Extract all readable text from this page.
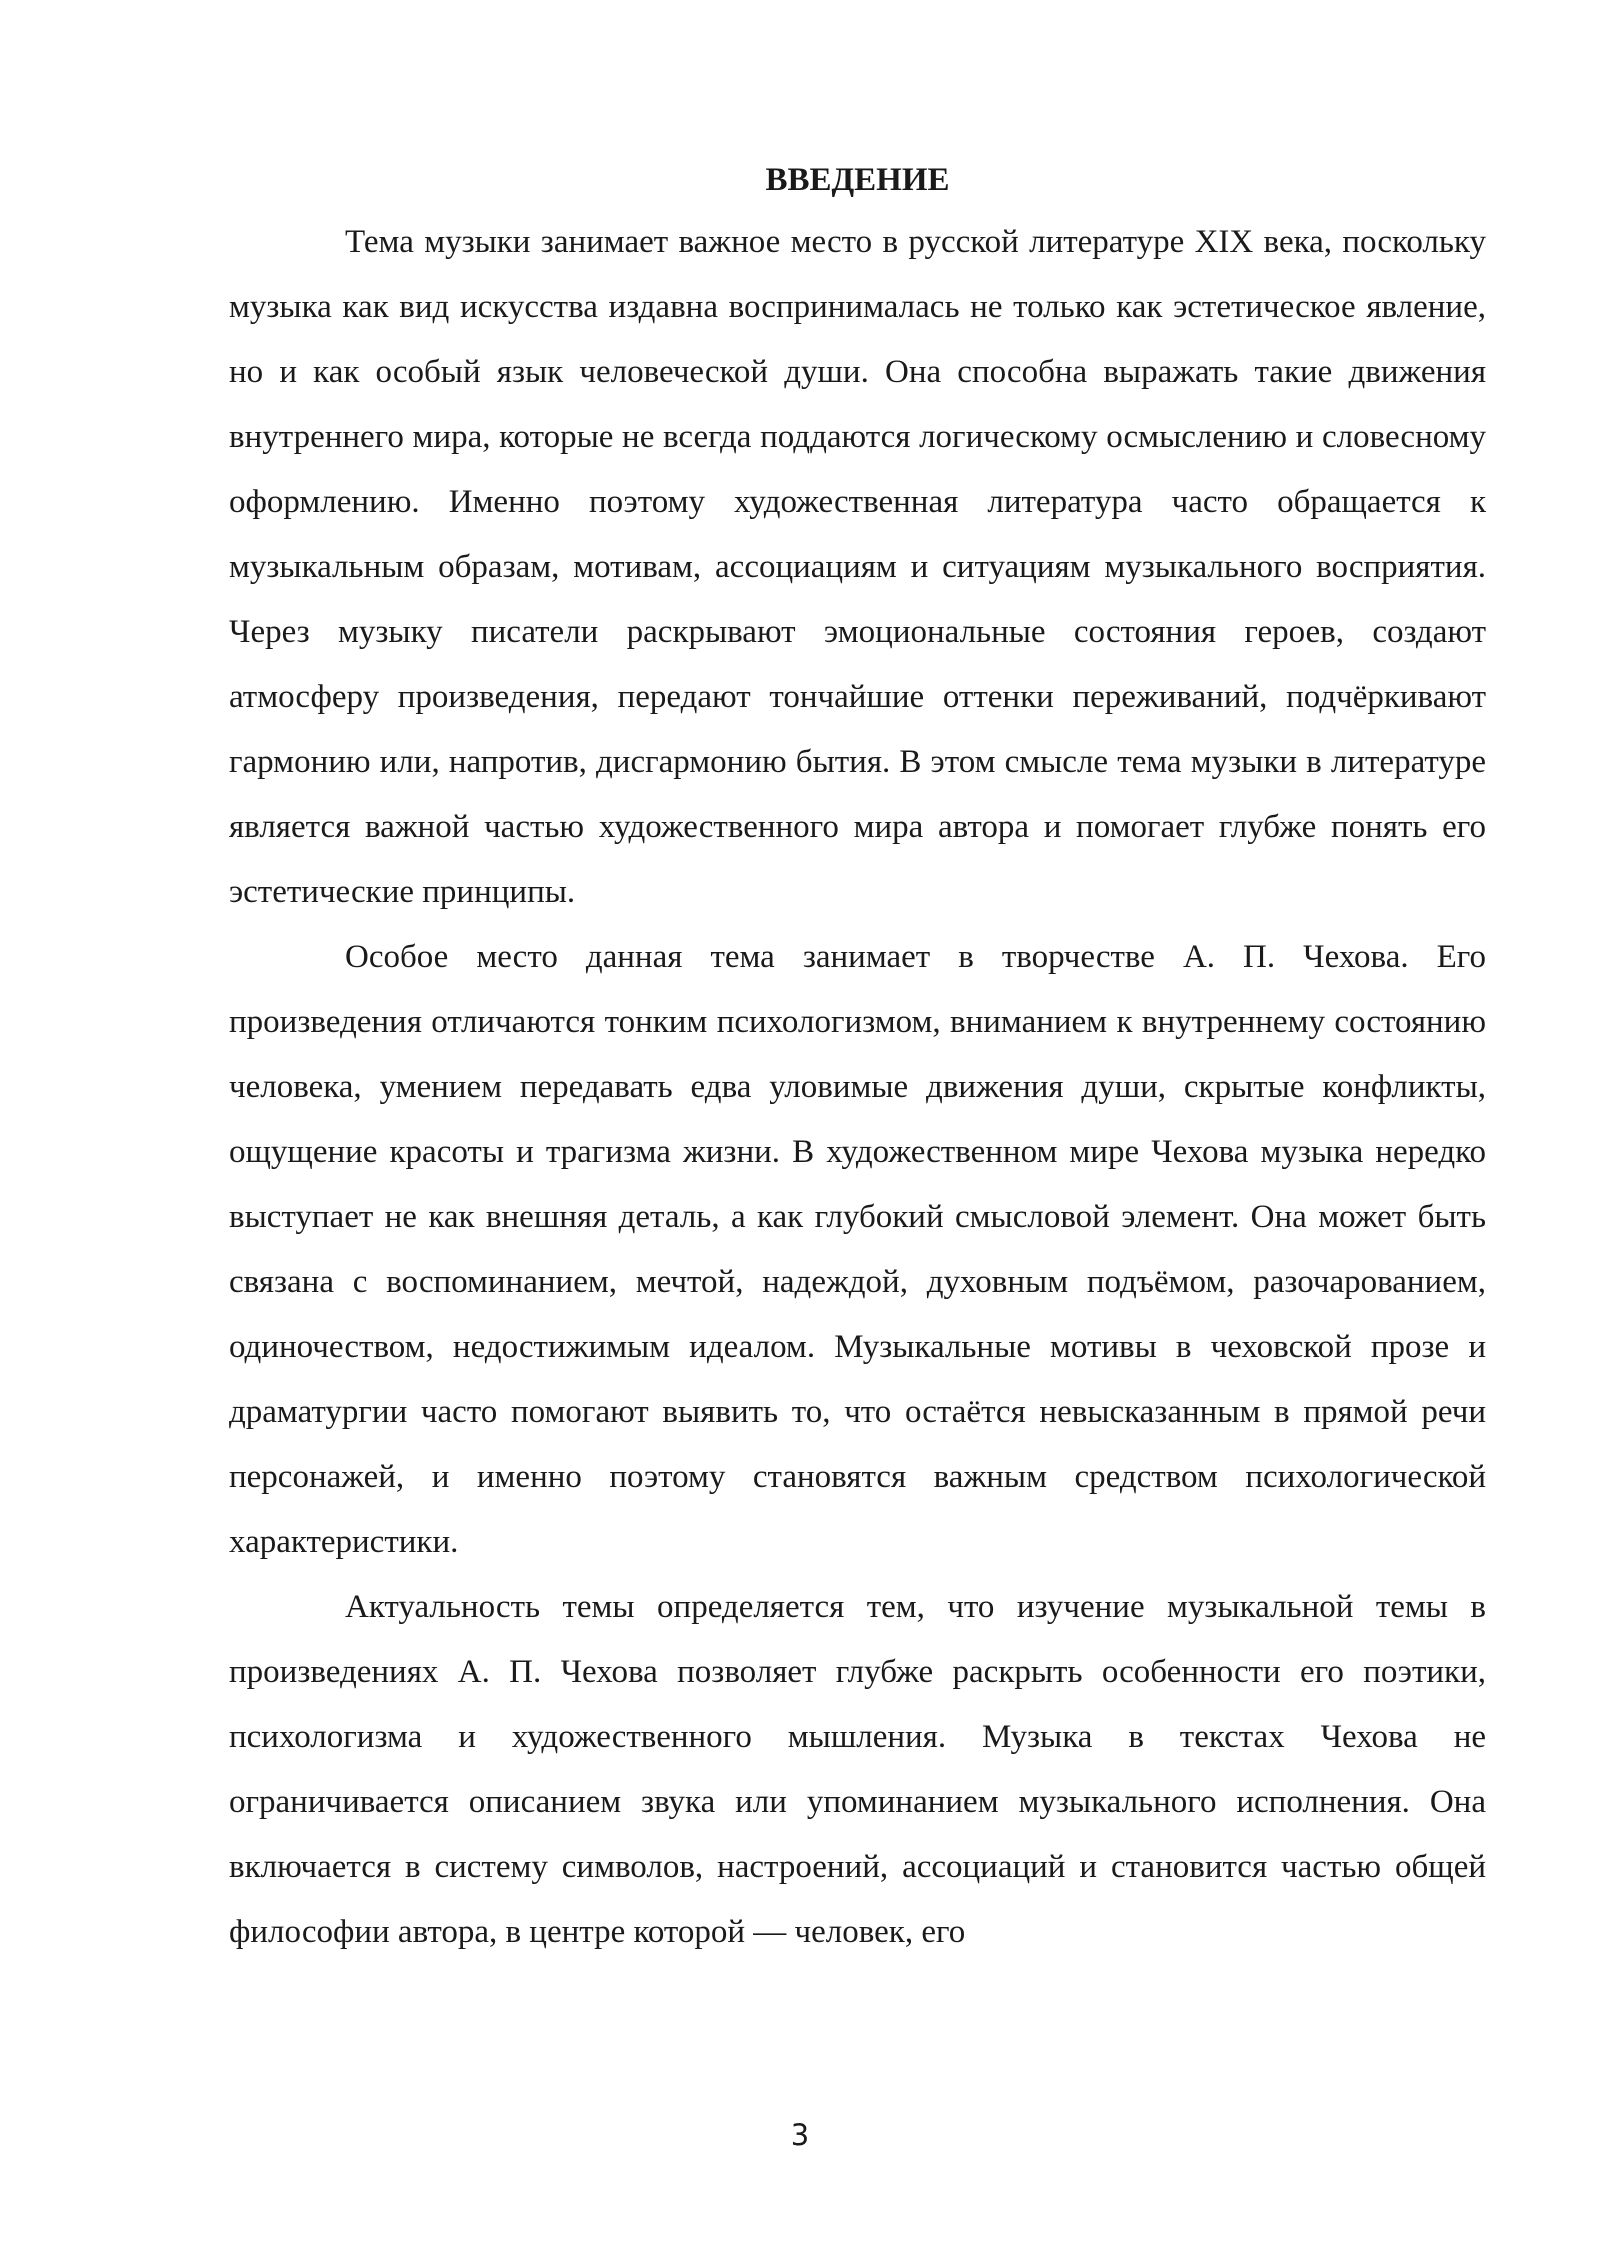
ВВЕДЕНИЕ

Тема музыки занимает важное место в русской литературе XIX века, поскольку музыка как вид искусства издавна воспринималась не только как эстетическое явление, но и как особый язык человеческой души. Она способна выражать такие движения внутреннего мира, которые не всегда поддаются логическому осмыслению и словесному оформлению. Именно поэтому художественная литература часто обращается к музыкальным образам, мотивам, ассоциациям и ситуациям музыкального восприятия. Через музыку писатели раскрывают эмоциональные состояния героев, создают атмосферу произведения, передают тончайшие оттенки переживаний, подчёркивают гармонию или, напротив, дисгармонию бытия. В этом смысле тема музыки в литературе является важной частью художественного мира автора и помогает глубже понять его эстетические принципы.

Особое место данная тема занимает в творчестве А. П. Чехова. Его произведения отличаются тонким психологизмом, вниманием к внутреннему состоянию человека, умением передавать едва уловимые движения души, скрытые конфликты, ощущение красоты и трагизма жизни. В художественном мире Чехова музыка нередко выступает не как внешняя деталь, а как глубокий смысловой элемент. Она может быть связана с воспоминанием, мечтой, надеждой, духовным подъёмом, разочарованием, одиночеством, недостижимым идеалом. Музыкальные мотивы в чеховской прозе и драматургии часто помогают выявить то, что остаётся невысказанным в прямой речи персонажей, и именно поэтому становятся важным средством психологической характеристики.

Актуальность темы определяется тем, что изучение музыкальной темы в произведениях А. П. Чехова позволяет глубже раскрыть особенности его поэтики, психологизма и художественного мышления. Музыка в текстах Чехова не ограничивается описанием звука или упоминанием музыкального исполнения. Она включается в систему символов, настроений, ассоциаций и становится частью общей философии автора, в центре которой — человек, его

3
